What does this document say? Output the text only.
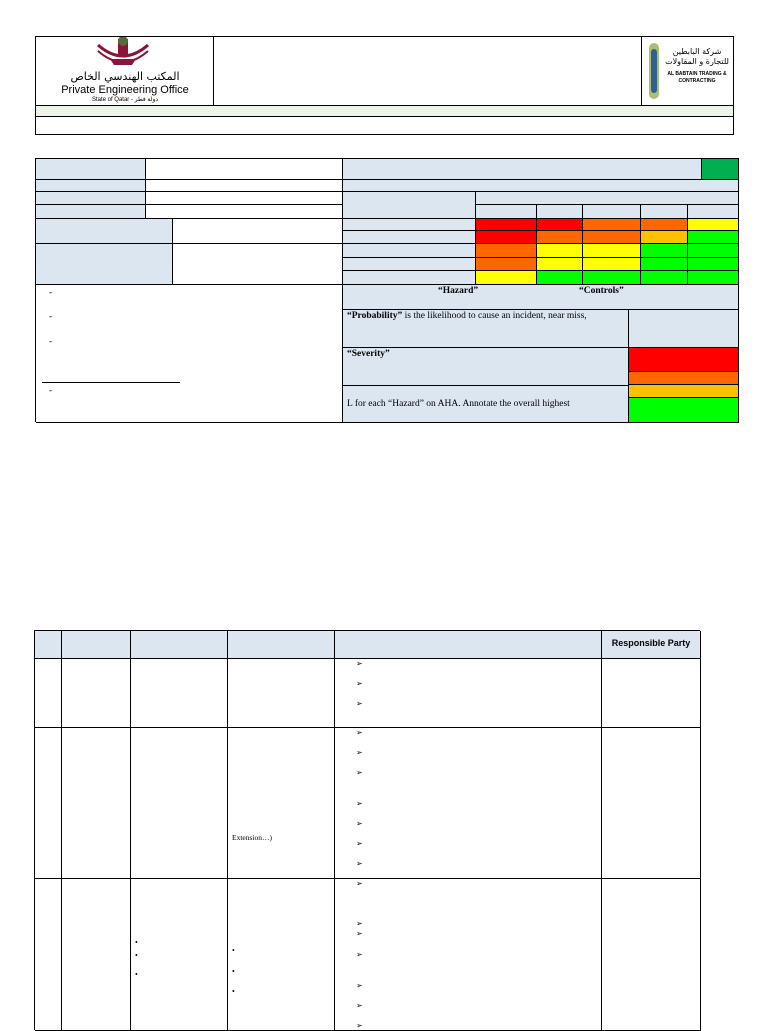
المكتب الهندسي الخاص
Private Engineering Office
State of Qatar - دولة قطر
شركة البابطين للتجارة و المقاولات
AL BABTAIN TRADING & CONTRACTING
-
-
-
-
“Hazard”	“Controls”
“Probability” is the likelihood to cause an incident, near miss,
“Severity”
L for each “Hazard” on AHA. Annotate the overall highest
Responsible Party
➢
➢
➢
Extension…)
➢
➢
➢
➢
➢
➢
➢
•
•
•
•
•
•
➢
➢
➢
➢
➢
➢
➢
